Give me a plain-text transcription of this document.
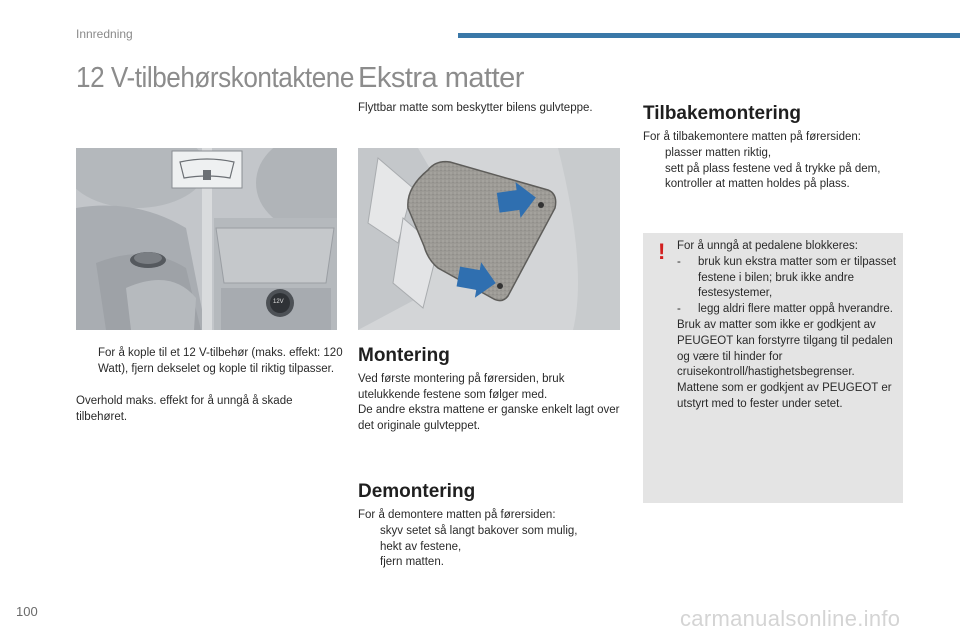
Innredning
12 V-tilbehørskontaktene
12V
For å kople til et 12 V-tilbehør (maks. effekt: 120 Watt), fjern dekselet og kople til riktig tilpasser.
Overhold maks. effekt for å unngå å skade tilbehøret.
Ekstra matter
Flyttbar matte som beskytter bilens gulvteppe.
Montering
Ved første montering på førersiden, bruk utelukkende festene som følger med.
De andre ekstra mattene er ganske enkelt lagt over det originale gulvteppet.
Demontering
For å demontere matten på førersiden:
skyv setet så langt bakover som mulig,
hekt av festene,
fjern matten.
Tilbakemontering
For å tilbakemontere matten på førersiden:
plasser matten riktig,
sett på plass festene ved å trykke på dem,
kontroller at matten holdes på plass.
! For å unngå at pedalene blokkeres:
- bruk kun ekstra matter som er tilpasset festene i bilen; bruk ikke andre festesystemer,
- legg aldri flere matter oppå hverandre.
Bruk av matter som ikke er godkjent av PEUGEOT kan forstyrre tilgang til pedalen og være til hinder for cruisekontroll/hastighetsbegrenser.
Mattene som er godkjent av PEUGEOT er utstyrt med to fester under setet.
100	carmanualsonline.info
